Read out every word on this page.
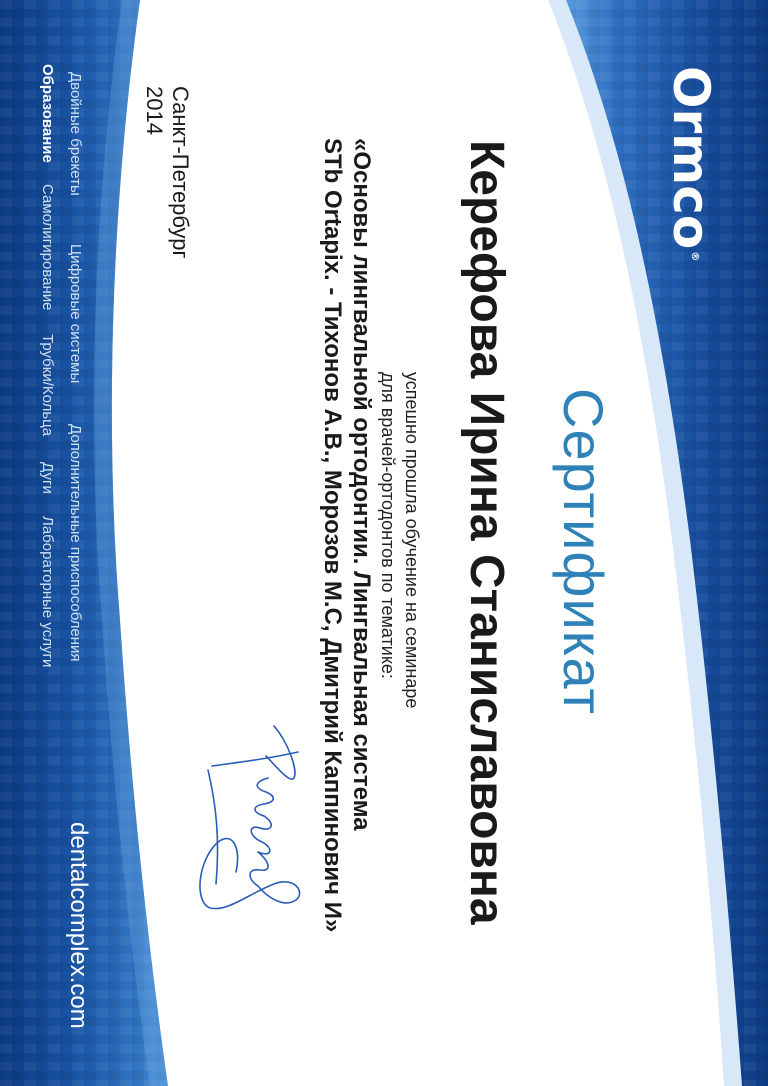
Ormco®
Сертификат
Керефова Ирина Станиславовна
успешно прошла обучение на семинаре
для врачей-ортодонтов по тематике:
«Основы лингвальной ортодонтии. Лингвальная система
STb Ortapix. - Тихонов А.В., Морозов М.С, Дмитрий Каппинович И»
Санкт-Петербург
2014
Двойные брекеты
Цифровые системы
Дополнительные приспособления
Образование
Самолигирование
Трубки/Кольца
Дуги
Лабораторные услуги
dentalcomplex.com
